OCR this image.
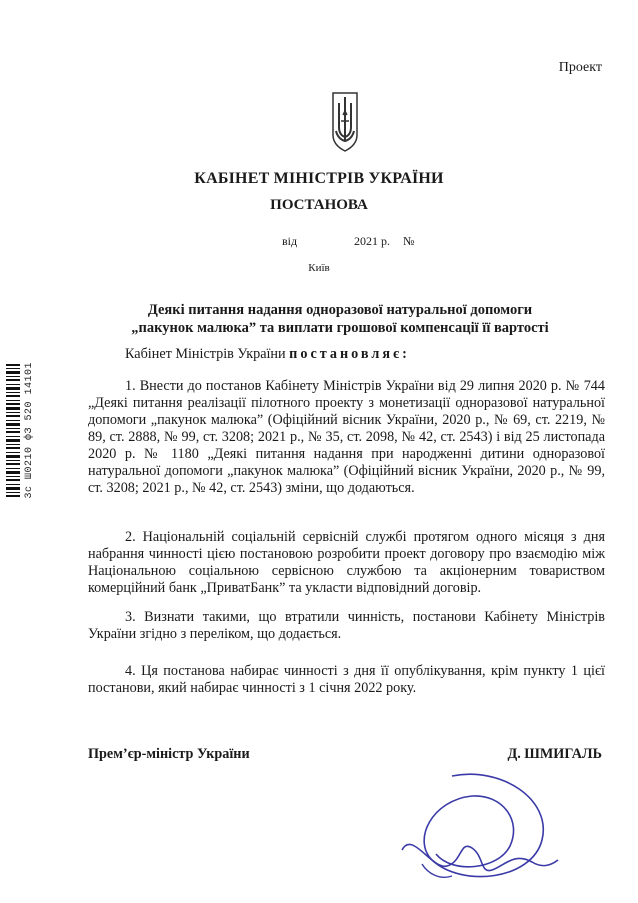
Проект
КАБІНЕТ МІНІСТРІВ УКРАЇНИ
ПОСТАНОВА
від	2021 р. №
Київ
Деякі питання надання одноразової натуральної допомоги
„пакунок малюка” та виплати грошової компенсації її вартості
Кабінет Міністрів України постановляє:
1. Внести до постанов Кабінету Міністрів України від 29 липня 2020 р. № 744 „Деякі питання реалізації пілотного проекту з монетизації одноразової натуральної допомоги „пакунок малюка” (Офіційний вісник України, 2020 р., № 69, ст. 2219, № 89, ст. 2888, № 99, ст. 3208; 2021 р., № 35, ст. 2098, № 42, ст. 2543) і від 25 листопада 2020 р. № 1180 „Деякі питання надання при народженні дитини одноразової натуральної допомоги „пакунок малюка” (Офіційний вісник України, 2020 р., № 99, ст. 3208; 2021 р., № 42, ст. 2543) зміни, що додаються.
2. Національній соціальній сервісній службі протягом одного місяця з дня набрання чинності цією постановою розробити проект договору про взаємодію між Національною соціальною сервісною службою та акціонерним товариством комерційний банк „ПриватБанк” та укласти відповідний договір.
3. Визнати такими, що втратили чинність, постанови Кабінету Міністрів України згідно з переліком, що додається.
4. Ця постанова набирає чинності з дня її опублікування, крім пункту 1 цієї постанови, який набирає чинності з 1 січня 2022 року.
Прем’єр-міністр України	Д. ШМИГАЛЬ
3с Ш0210 фЗ 520 14101
